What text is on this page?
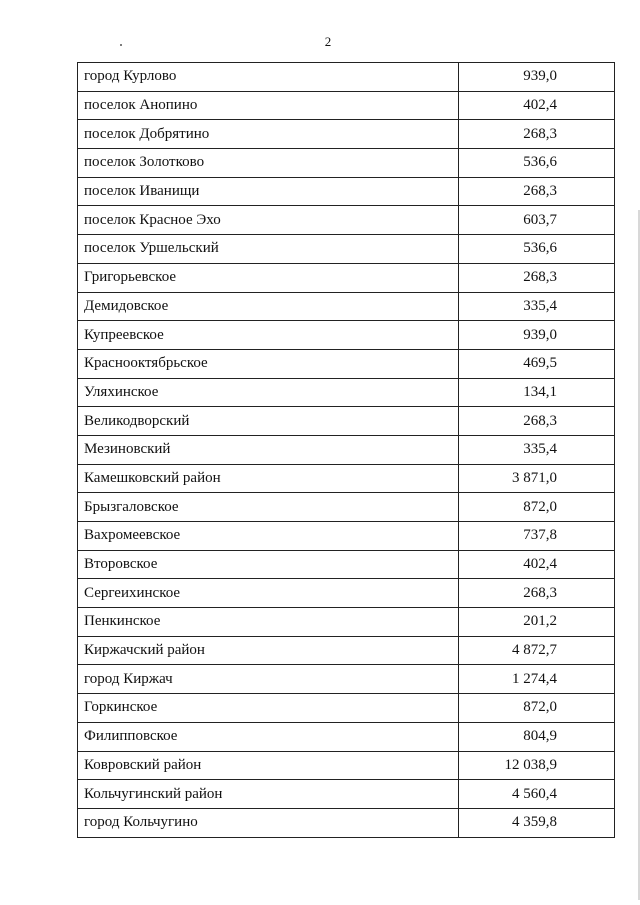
2
город Курлово	939,0
поселок Анопино	402,4
поселок Добрятино	268,3
поселок Золотково	536,6
поселок Иванищи	268,3
поселок Красное Эхо	603,7
поселок Уршельский	536,6
Григорьевское	268,3
Демидовское	335,4
Купреевское	939,0
Краснооктябрьское	469,5
Уляхинское	134,1
Великодворский	268,3
Мезиновский	335,4
Камешковский район	3 871,0
Брызгаловское	872,0
Вахромеевское	737,8
Второвское	402,4
Сергеихинское	268,3
Пенкинское	201,2
Киржачский район	4 872,7
город Киржач	1 274,4
Горкинское	872,0
Филипповское	804,9
Ковровский район	12 038,9
Кольчугинский район	4 560,4
город Кольчугино	4 359,8
